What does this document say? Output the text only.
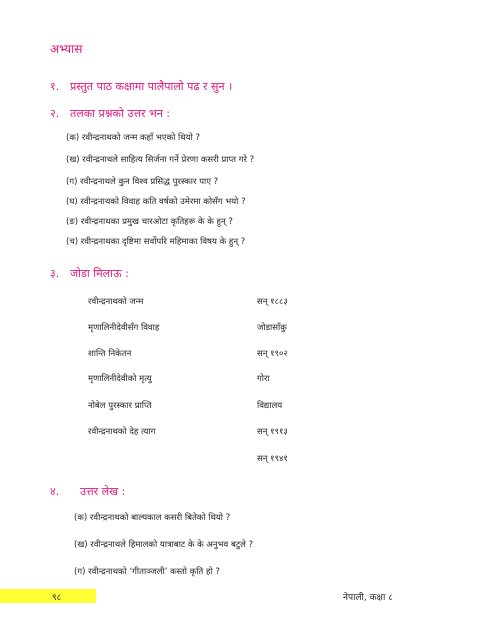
अभ्यास
१. प्रस्तुत पाठ कक्षामा पालैपालो पढ र सुन ।
२. तलका प्रश्नको उत्तर भन :
(क) रवीन्द्रनाथको जन्म कहाँ भएको थियो ?
(ख) रवीन्द्रनाथले साहित्य सिर्जना गर्ने प्रेरणा कसरी प्राप्त गरे ?
(ग) रवीन्द्रनाथले कुन विश्व प्रसिद्ध पुरस्कार पाए ?
(घ) रवीन्द्रनाथको विवाह कति वर्षको उमेरमा कोसँग भयो ?
(ङ) रवीन्द्रनाथका प्रमुख चारओटा कृतिहरू के के हुन् ?
(च) रवीन्द्रनाथका दृष्टिमा सर्वोपरि महिमाका विषय के हुन् ?
३. जोडा मिलाऊ :
रवीन्द्रनाथको जन्म
मृणालिनीदेवीसँग विवाह
शान्ति निकेतन
मृणालिनीदेवीको मृत्यु
नोबेल पुरस्कार प्राप्ति
रवीन्द्रनाथको देह त्याग
सन् १८८३
जोडासाँकु
सन् १९०२
गोरा
विद्यालय
सन् १९१३
सन् १९४१
४. उत्तर लेख :
(क) रवीन्द्रनाथको बाल्यकाल कसरी बितेको थियो ?
(ख) रवीन्द्रनाथले हिमालको यात्राबाट के के अनुभव बटुले ?
(ग) रवीन्द्रनाथको ‘गीताञ्जली’ कस्तो कृति हो ?
९८	नेपाली, कक्षा ८
